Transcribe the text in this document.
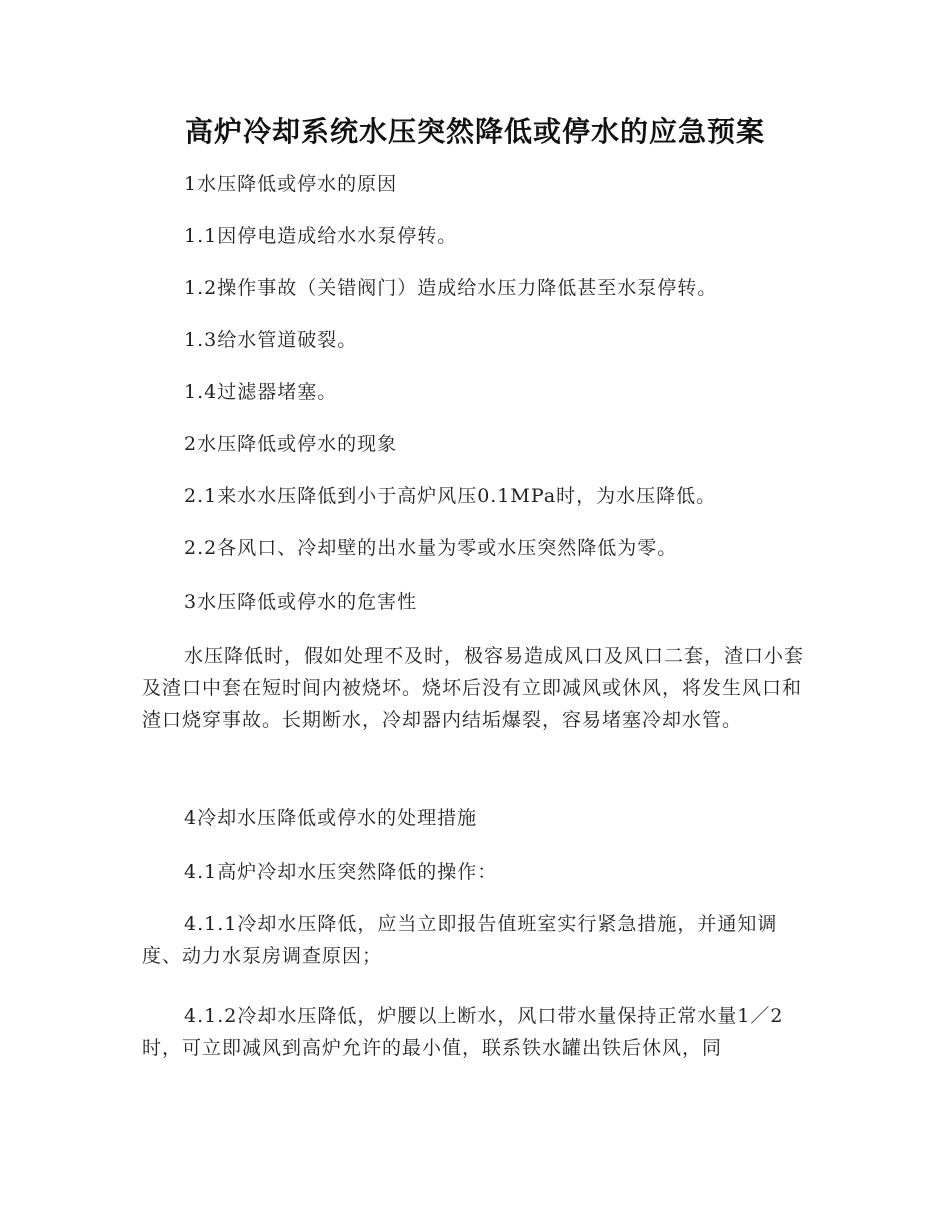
高炉冷却系统水压突然降低或停水的应急预案
1水压降低或停水的原因
1.1因停电造成给水水泵停转。
1.2操作事故（关错阀门）造成给水压力降低甚至水泵停转。
1.3给水管道破裂。
1.4过滤器堵塞。
2水压降低或停水的现象
2.1来水水压降低到小于高炉风压0.1MPa时，为水压降低。
2.2各风口、冷却壁的出水量为零或水压突然降低为零。
3水压降低或停水的危害性
水压降低时，假如处理不及时，极容易造成风口及风口二套，渣口小套及渣口中套在短时间内被烧坏。烧坏后没有立即减风或休风，将发生风口和渣口烧穿事故。长期断水，冷却器内结垢爆裂，容易堵塞冷却水管。
4冷却水压降低或停水的处理措施
4.1高炉冷却水压突然降低的操作：
4.1.1冷却水压降低，应当立即报告值班室实行紧急措施，并通知调度、动力水泵房调查原因；
4.1.2冷却水压降低，炉腰以上断水，风口带水量保持正常水量1／2时，可立即减风到高炉允许的最小值，联系铁水罐出铁后休风，同
